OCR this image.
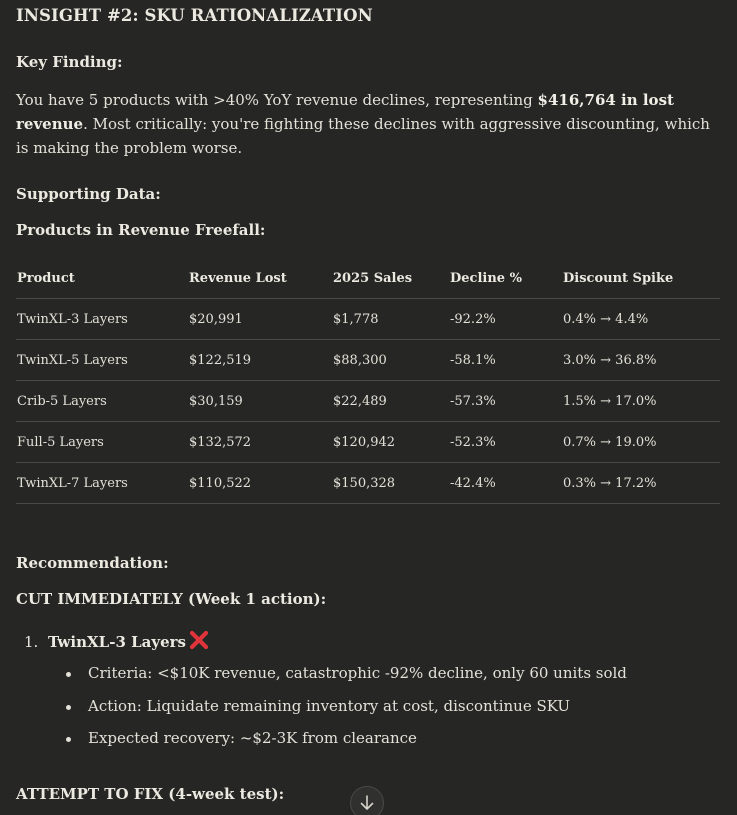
INSIGHT #2: SKU RATIONALIZATION
Key Finding:

You have 5 products with >40% YoY revenue declines, representing $416,764 in lost revenue. Most critically: you're fighting these declines with aggressive discounting, which is making the problem worse.

Supporting Data:
Products in Revenue Freefall:
Product	Revenue Lost	2025 Sales	Decline %	Discount Spike
TwinXL-3 Layers	$20,991	$1,778	-92.2%	0.4% → 4.4%
TwinXL-5 Layers	$122,519	$88,300	-58.1%	3.0% → 36.8%
Crib-5 Layers	$30,159	$22,489	-57.3%	1.5% → 17.0%
Full-5 Layers	$132,572	$120,942	-52.3%	0.7% → 19.0%
TwinXL-7 Layers	$110,522	$150,328	-42.4%	0.3% → 17.2%
Recommendation:
CUT IMMEDIATELY (Week 1 action):
1. TwinXL-3 Layers
Criteria: <$10K revenue, catastrophic -92% decline, only 60 units sold
Action: Liquidate remaining inventory at cost, discontinue SKU
Expected recovery: ~$2-3K from clearance
ATTEMPT TO FIX (4-week test):
